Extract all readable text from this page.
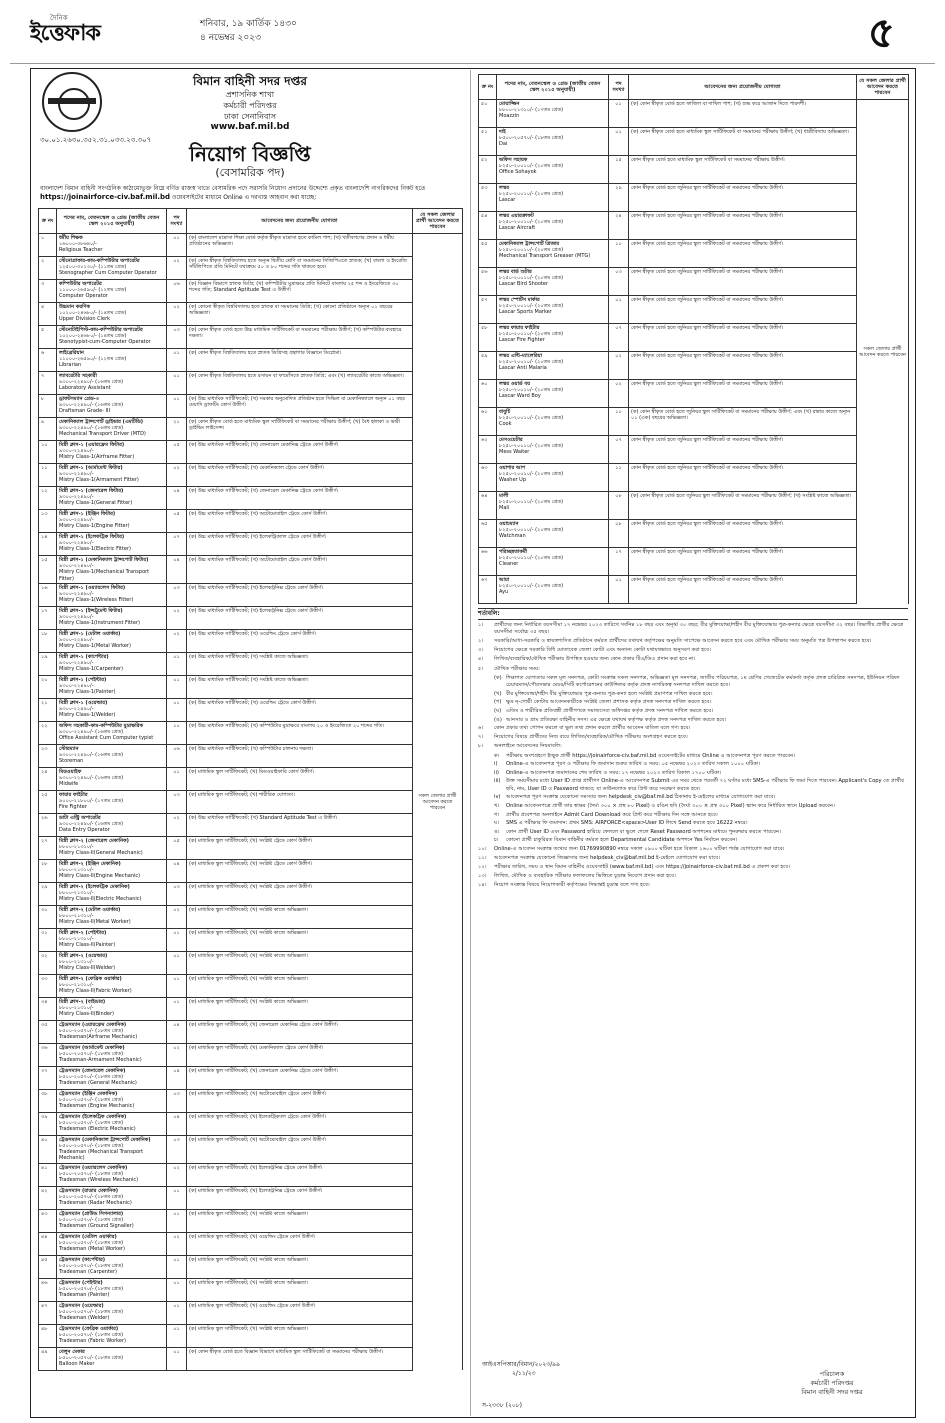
দৈনিক
ইত্তেফাক	শনিবার, ১৯ কার্তিক ১৪৩০
৪ নভেম্বর ২০২৩	৫
বিমান বাহিনী সদর দপ্তর
প্রশাসনিক শাখা
কর্মচারী পরিদপ্তর
ঢাকা সেনানিবাস
www.baf.mil.bd
৩০.০১.২৬৩০.৩৫২.৩১.০৩৩.২৩.৩০৭
নিয়োগ বিজ্ঞপ্তি
(বেসামরিক পদ)
বাংলাদেশ বিমান বাহিনী সংগঠনিক কাঠামোভুক্ত নিম্নে বর্ণিত রাজস্ব খাতে বেসামরিক পদে সরাসরি নিয়োগ প্রদানের উদ্দেশ্যে প্রকৃত বাংলাদেশি নাগরিকদের নিকট হতে https://joinairforce-civ.baf.mil.bd ওয়েবসাইটের মাধ্যমে Online এ দরখাস্ত আহবান করা যাচ্ছে:
ক্র নং	পদের নাম, বেতনস্কেল ও গ্রেড (জাতীয় বেতন স্কেল ২০১৫ অনুযায়ী)	পদ সংখ্যা	আবেদনের জন্য প্রয়োজনীয় যোগ্যতা	যে সকল জেলার প্রার্থী আবেদন করতে পারবেন
১	ধর্মীয় শিক্ষক
১৬০০০-৩৮৬৪০/-
Religious Teacher	০১	(ক) বাংলাদেশ মাদ্রাসা শিক্ষা বোর্ড কর্তৃক স্বীকৃত মাদ্রাসা হতে কামিল পাশ; (খ) খতীবগণের প্রদান ও ধর্মীয় প্রতিষ্ঠানের অভিজ্ঞতা।	সকল জেলার প্রার্থী আবেদন করতে পারবেন
২	স্টেনোগ্রাফার-কাম-কম্পিউটার অপারেটর
১২৫০০-৩০২৩০/- (১১তম গ্রেড)
Stenographer Cum Computer Operator	০২	(ক) কোন স্বীকৃত বিশ্ববিদ্যালয় হতে অন্যূন দ্বিতীয় শ্রেণি বা সমমানের সিজিপিএতে স্নাতক; (খ) বাংলা ও ইংরেজি সাঁটলিপিতে প্রতি মিনিটে যথাক্রমে ৫০ ও ৮০ শব্দের গতি থাকতে হবে।	
৩	কম্পিউটার অপারেটর
১১০০০-২৬৫৯০/- (১২তম গ্রেড)
Computer Operator	০৬	(ক) বিজ্ঞান বিভাগে স্নাতক ডিগ্রি; (খ) কম্পিউটার মুদ্রাক্ষরে প্রতি মিনিটে বাংলায় ২৫ শব্দ ও ইংরেজিতে ৩০ শব্দের গতি; Standard Aptitude Test এ উত্তীর্ণ।	
৪	উচ্চমান করণিক
১০২০০-২৪৬৮০/- (১৪তম গ্রেড)
Upper Division Clerk	০২	(ক) কোনো স্বীকৃত বিশ্ববিদ্যালয় হতে স্নাতক বা সমমানের ডিগ্রি; (খ) কোনো প্রতিষ্ঠানে অন্যূন ০১ বছরের অভিজ্ঞতা।	
৫	স্টেনোটাইপিস্ট-কাম-কম্পিউটার অপারেটর
১০২০০-২৪৬৮০/- (১৪তম গ্রেড)
Stenotypist-cum-Computer Operator	০৩	(ক) কোন স্বীকৃত বোর্ড হতে উচ্চ মাধ্যমিক সার্টিফিকেট বা সমমানের পরীক্ষায় উত্তীর্ণ; (খ) কম্পিউটার ব্যবহারে দক্ষতা।	
৬	লাইব্রেরিয়ান
১১০০০-২৬৫৯০/- (১২তম গ্রেড)
Librarian	০১	(ক) কোন স্বীকৃত বিশ্ববিদ্যালয় হতে স্নাতক ডিগ্রিসহ গ্রন্থাগার বিজ্ঞানে ডিপ্লোমা।	
৭	ল্যাবরেটরি সহকারী
৯৩০০-২২৪৯০/- (১৬তম গ্রেড)
Laboratory Assistant	০১	(ক) কোন স্বীকৃত বিশ্ববিদ্যালয় হতে রসায়ন বা ফার্মেসিতে স্নাতক ডিগ্রি; এবং (খ) ল্যাবরেটরি কাজে অভিজ্ঞতা।	
৮	ড্রাফটসম্যান গ্রেড-৩
৯৩০০-২২৪৯০/- (১৬তম গ্রেড)
Draftsman Grade- III	০১	(ক) উচ্চ মাধ্যমিক সার্টিফিকেট; (খ) সরকার অনুমোদিত প্রতিষ্ঠান হতে সিভিল বা মেকানিক্যালে অন্যূন ০১ বছর মেয়াদি ড্রাফটিং কোর্স উত্তীর্ণ।	
৯	মেকানিক্যাল ট্রান্সপোর্ট ড্রাইভার (এমটিডি)
৯৩০০-২২৪৯০/- (১৬তম গ্রেড)
Mechanical Transport Driver (MTD)	২১	(ক) কোন স্বীকৃত বোর্ড হতে মাধ্যমিক স্কুল সার্টিফিকেট বা সমমানের পরীক্ষায় উত্তীর্ণ; (খ) বৈধ হালকা ও ভারী ড্রাইভিং লাইসেন্স।	
১০	মিস্ত্রী ক্লাস-১ (এয়ারফ্রেম ফিটার)
৯৩০০-২২৪৯০/-
Mistry Class-1(Airframe Fitter)	০৫	(ক) উচ্চ মাধ্যমিক সার্টিফিকেট; (খ) জেনারেল মেকানিক্স ট্রেডে কোর্স উত্তীর্ণ।	
১১	মিস্ত্রী ক্লাস-১ (আর্মামেন্ট ফিটার)
৯৩০০-২২৪৯০/-
Mistry Class-1(Armament Fitter)	০২	(ক) উচ্চ মাধ্যমিক সার্টিফিকেট; (খ) মেকানিক্যাল ট্রেডে কোর্স উত্তীর্ণ।	
১২	মিস্ত্রী ক্লাস-১ (জেনারেল ফিটার)
৯৩০০-২২৪৯০/-
Mistry Class-1(General Fitter)	০৪	(ক) উচ্চ মাধ্যমিক সার্টিফিকেট; (খ) জেনারেল মেকানিক্স ট্রেডে কোর্স উত্তীর্ণ।	
১৩	মিস্ত্রী ক্লাস-১ (ইঞ্জিন ফিটার)
৯৩০০-২২৪৯০/-
Mistry Class-1(Engine Fitter)	০৫	(ক) উচ্চ মাধ্যমিক সার্টিফিকেট; (খ) অটোমোবাইল ট্রেডে কোর্স উত্তীর্ণ।	
১৪	মিস্ত্রী ক্লাস-১ (ইলেকট্রিক ফিটার)
৯৩০০-২২৪৯০/-
Mistry Class-1(Electric Fitter)	০৭	(ক) উচ্চ মাধ্যমিক সার্টিফিকেট; (খ) ইলেকট্রিক্যাল ট্রেডে কোর্স উত্তীর্ণ।	
১৫	মিস্ত্রী ক্লাস-১ (মেকানিক্যাল ট্রান্সপোর্ট ফিটার)
৯৩০০-২২৪৯০/-
Mistry Class-1(Mechanical Transport Fitter)	০৪	(ক) উচ্চ মাধ্যমিক সার্টিফিকেট; (খ) অটোমোবাইল ট্রেডে কোর্স উত্তীর্ণ।	
১৬	মিস্ত্রী ক্লাস-১ (ওয়্যারলেস ফিটার)
৯৩০০-২২৪৯০/-
Mistry Class-1(Wireless Fitter)	০৩	(ক) উচ্চ মাধ্যমিক সার্টিফিকেট; (খ) ইলেকট্রনিক্স ট্রেডে কোর্স উত্তীর্ণ।	
১৭	মিস্ত্রী ক্লাস-১ (ইন্সট্রুমেন্ট ফিটার)
৯৩০০-২২৪৯০/-
Mistry Class-1(Instrument Fitter)	০২	(ক) উচ্চ মাধ্যমিক সার্টিফিকেট; (খ) ইলেকট্রনিক্স ট্রেডে কোর্স উত্তীর্ণ।	
১৮	মিস্ত্রী ক্লাস-১ (মেটাল ওয়ার্কার)
৯৩০০-২২৪৯০/-
Mistry Class-1(Metal Worker)	০২	(ক) উচ্চ মাধ্যমিক সার্টিফিকেট; (খ) ওয়েল্ডিং ট্রেডে কোর্স উত্তীর্ণ।	
১৯	মিস্ত্রী ক্লাস-১ (কার্পেন্টার)
৯৩০০-২২৪৯০/-
Mistry Class-1(Carpenter)	০১	(ক) উচ্চ মাধ্যমিক সার্টিফিকেট; (খ) সংশ্লিষ্ট কাজে অভিজ্ঞতা।	
২০	মিস্ত্রী ক্লাস-১ (পেইন্টার)
৯৩০০-২২৪৯০/-
Mistry Class-1(Painter)	০১	(ক) উচ্চ মাধ্যমিক সার্টিফিকেট; (খ) সংশ্লিষ্ট কাজে অভিজ্ঞতা।	
২১	মিস্ত্রী ক্লাস-১ (ওয়েল্ডার)
৯৩০০-২২৪৯০/-
Mistry Class-1(Welder)	০১	(ক) উচ্চ মাধ্যমিক সার্টিফিকেট; (খ) ওয়েল্ডিং ট্রেডে কোর্স উত্তীর্ণ।	
২২	অফিস সহকারী-কাম-কম্পিউটার মুদ্রাক্ষরিক
৯৩০০-২২৪৯০/- (১৬তম গ্রেড)
Office Assistant Cum Computer typist	১০	(ক) উচ্চ মাধ্যমিক সার্টিফিকেট; (খ) কম্পিউটার মুদ্রাক্ষরে বাংলায় ২০ ও ইংরেজিতে ২০ শব্দের গতি।	
২৩	স্টোরম্যান
৯৩০০-২২৪৯০/- (১৬তম গ্রেড)
Storeman	০৬	(ক) উচ্চ মাধ্যমিক সার্টিফিকেট; (খ) কম্পিউটার চালনায় দক্ষতা।	
২৪	মিডওয়াইফ
৯৩০০-২২৪৯০/- (১৬তম গ্রেড)
Midwife	০১	(ক) মাধ্যমিক স্কুল সার্টিফিকেট; (খ) মিডওয়াইফারি কোর্স উত্তীর্ণ।	
২৫	ফায়ার ফাইটার
৯০০০-২১৮০০/- (১৭তম গ্রেড)
Fire Fighter	০৩	(ক) মাধ্যমিক স্কুল সার্টিফিকেট; (খ) শারীরিক যোগ্যতা।	
২৬	ডাটা এন্ট্রি অপারেটর
৯৩০০-২২৪৯০/- (১৬তম গ্রেড)
Data Entry Operator	০২	(ক) উচ্চ মাধ্যমিক সার্টিফিকেট; (খ) Standard Aptitude Test এ উত্তীর্ণ।	
২৭	মিস্ত্রী ক্লাস-২ (জেনারেল মেকানিক)
৮৮০০-২১৩১০/-
Mistry Class-II(General Mechanic)	০৫	(ক) মাধ্যমিক স্কুল সার্টিফিকেট; (খ) সংশ্লিষ্ট ট্রেডে কোর্স উত্তীর্ণ।	
২৮	মিস্ত্রী ক্লাস-২ (ইঞ্জিন মেকানিক)
৮৮০০-২১৩১০/-
Mistry Class-II(Engine Mechanic)	০৪	(ক) মাধ্যমিক স্কুল সার্টিফিকেট; (খ) সংশ্লিষ্ট ট্রেডে কোর্স উত্তীর্ণ।	
২৯	মিস্ত্রী ক্লাস-২ (ইলেকট্রিক মেকানিক)
৮৮০০-২১৩১০/-
Mistry Class-II(Electric Mechanic)	০৩	(ক) মাধ্যমিক স্কুল সার্টিফিকেট; (খ) সংশ্লিষ্ট ট্রেডে কোর্স উত্তীর্ণ।	
৩০	মিস্ত্রী ক্লাস-২ (মেটাল ওয়ার্কার)
৮৮০০-২১৩১০/-
Mistry Class-II(Metal Worker)	০২	(ক) মাধ্যমিক স্কুল সার্টিফিকেট; (খ) সংশ্লিষ্ট কাজে অভিজ্ঞতা।	
৩১	মিস্ত্রী ক্লাস-২ (পেইন্টার)
৮৮০০-২১৩১০/-
Mistry Class-II(Painter)	০১	(ক) মাধ্যমিক স্কুল সার্টিফিকেট; (খ) সংশ্লিষ্ট কাজে অভিজ্ঞতা।	
৩২	মিস্ত্রী ক্লাস-২ (ওয়েল্ডার)
৮৮০০-২১৩১০/-
Mistry Class-II(Welder)	০১	(ক) মাধ্যমিক স্কুল সার্টিফিকেট; (খ) সংশ্লিষ্ট কাজে অভিজ্ঞতা।	
৩৩	মিস্ত্রী ক্লাস-২ (ফেব্রিক ওয়ার্কার)
৮৮০০-২১৩১০/-
Mistry Class-II(Fabric Worker)	০১	(ক) মাধ্যমিক স্কুল সার্টিফিকেট; (খ) সংশ্লিষ্ট কাজে অভিজ্ঞতা।	
৩৪	মিস্ত্রী ক্লাস-২ (বাইন্ডার)
৮৮০০-২১৩১০/-
Mistry Class-II(Binder)	০১	(ক) মাধ্যমিক স্কুল সার্টিফিকেট; (খ) সংশ্লিষ্ট কাজে অভিজ্ঞতা।	
৩৫	ট্রেডসম্যান (এয়ারফ্রেম মেকানিক)
৮৫০০-২০৫৭০/- (১৮তম গ্রেড)
Tradesman(Airframe Mechanic)	০৪	(ক) মাধ্যমিক স্কুল সার্টিফিকেট; (খ) জেনারেল মেকানিক্স ট্রেডে কোর্স উত্তীর্ণ।	
৩৬	ট্রেডসম্যান (আর্মামেন্ট মেকানিক)
৮৫০০-২০৫৭০/- (১৮তম গ্রেড)
Tradesman-Armament Mechanic)	০২	(ক) মাধ্যমিক স্কুল সার্টিফিকেট; (খ) মেকানিক্যাল ট্রেডে কোর্স উত্তীর্ণ।	
৩৭	ট্রেডসম্যান (জেনারেল মেকানিক)
৮৫০০-২০৫৭০/- (১৮তম গ্রেড)
Tradesman (General Mechanic)	০৪	(ক) মাধ্যমিক স্কুল সার্টিফিকেট; (খ) জেনারেল মেকানিক্স ট্রেডে কোর্স উত্তীর্ণ।	
৩৮	ট্রেডসম্যান (ইঞ্জিন মেকানিক)
৮৫০০-২০৫৭০/- (১৮তম গ্রেড)
Tradesman (Engine Mechanic)	০৩	(ক) মাধ্যমিক স্কুল সার্টিফিকেট; (খ) অটোমোবাইল ট্রেডে কোর্স উত্তীর্ণ।	
৩৯	ট্রেডসম্যান (ইলেকট্রিক মেকানিক)
৮৫০০-২০৫৭০/- (১৮তম গ্রেড)
Tradesman (Electric Mechanic)	০৪	(ক) মাধ্যমিক স্কুল সার্টিফিকেট; (খ) ইলেকট্রিক্যাল ট্রেডে কোর্স উত্তীর্ণ।	
৪০	ট্রেডসম্যান (মেকানিক্যাল ট্রান্সপোর্ট মেকানিক)
৮৫০০-২০৫৭০/- (১৮তম গ্রেড)
Tradesman (Mechanical Transport Mechanic)	০৩	(ক) মাধ্যমিক স্কুল সার্টিফিকেট; (খ) অটোমোবাইল ট্রেডে কোর্স উত্তীর্ণ।	
৪১	ট্রেডসম্যান (ওয়্যারলেস মেকানিক)
৮৫০০-২০৫৭০/- (১৮তম গ্রেড)
Tradesman (Wireless Mechanic)	০২	(ক) মাধ্যমিক স্কুল সার্টিফিকেট; (খ) ইলেকট্রনিক্স ট্রেডে কোর্স উত্তীর্ণ।	
৪২	ট্রেডসম্যান (রাডার মেকানিক)
৮৫০০-২০৫৭০/- (১৮তম গ্রেড)
Tradesman (Radar Mechanic)	০১	(ক) মাধ্যমিক স্কুল সার্টিফিকেট; (খ) ইলেকট্রনিক্স ট্রেডে কোর্স উত্তীর্ণ।	
৪৩	ট্রেডসম্যান (গ্রাউন্ড সিগন্যালার)
৮৫০০-২০৫৭০/- (১৮তম গ্রেড)
Tradesman (Ground Signaller)	০১	(ক) মাধ্যমিক স্কুল সার্টিফিকেট; (খ) সংশ্লিষ্ট কাজে অভিজ্ঞতা।	
৪৪	ট্রেডসম্যান (মেটাল ওয়ার্কার)
৮৫০০-২০৫৭০/- (১৮তম গ্রেড)
Tradesman (Metal Worker)	০২	(ক) মাধ্যমিক স্কুল সার্টিফিকেট; (খ) ওয়েল্ডিং ট্রেডে কোর্স উত্তীর্ণ।	
৪৫	ট্রেডসম্যান (কার্পেন্টার)
৮৫০০-২০৫৭০/- (১৮তম গ্রেড)
Tradesman (Carpenter)	০১	(ক) মাধ্যমিক স্কুল সার্টিফিকেট; (খ) সংশ্লিষ্ট কাজে অভিজ্ঞতা।	
৪৬	ট্রেডসম্যান (পেইন্টার)
৮৫০০-২০৫৭০/- (১৮তম গ্রেড)
Tradesman (Painter)	০১	(ক) মাধ্যমিক স্কুল সার্টিফিকেট; (খ) সংশ্লিষ্ট কাজে অভিজ্ঞতা।	
৪৭	ট্রেডসম্যান (ওয়েল্ডার)
৮৫০০-২০৫৭০/- (১৮তম গ্রেড)
Tradesman (Welder)	০১	(ক) মাধ্যমিক স্কুল সার্টিফিকেট; (খ) ওয়েল্ডিং ট্রেডে কোর্স উত্তীর্ণ।	
৪৮	ট্রেডসম্যান (ফেব্রিক ওয়ার্কার)
৮৫০০-২০৫৭০/- (১৮তম গ্রেড)
Tradesman (Fabric Worker)	০১	(ক) মাধ্যমিক স্কুল সার্টিফিকেট; (খ) সংশ্লিষ্ট কাজে অভিজ্ঞতা।	
৪৯	বেলুন মেকার
৮৫০০-২০৫৭০/- (১৮তম গ্রেড)
Balloon Maker	০১	(ক) কোন স্বীকৃত বোর্ড হতে বিজ্ঞান বিভাগে মাধ্যমিক স্কুল সার্টিফিকেট বা সমমানের পরীক্ষায় উত্তীর্ণ।	
ক্র নং	পদের নাম, বেতনস্কেল ও গ্রেড (জাতীয় বেতন স্কেল ২০১৫ অনুযায়ী)	পদ সংখ্যা	আবেদনের জন্য প্রয়োজনীয় যোগ্যতা	যে সকল জেলার প্রার্থী আবেদন করতে পারবেন
৫০	মোয়াজ্জিন
৮৮০০-২১৩১০/- (১৭তম গ্রেড)
Moazzin	০১	(ক) কোন স্বীকৃত বোর্ড হতে ফাজিল বা দাখিল পাশ; (খ) শুদ্ধ করে আজান দিতে পারদর্শী।	সকল জেলার প্রার্থী আবেদন করতে পারবেন
৫১	দাই
৮৫০০-২০৫৭০/- (১৮তম গ্রেড)
Dai	০১	(ক) কোন স্বীকৃত বোর্ড হতে মাধ্যমিক স্কুল সার্টিফিকেট বা সমমানের পরীক্ষায় উত্তীর্ণ; (খ) ধাত্রীবিদ্যায় অভিজ্ঞতা।	
৫২	অফিস সহায়ক
৮২৫০-২০০১০/- (২০তম গ্রেড)
Office Sohayok	১৫	কোন স্বীকৃত বোর্ড হতে মাধ্যমিক স্কুল সার্টিফিকেট বা সমমানের পরীক্ষায় উত্তীর্ণ।	
৫৩	লস্কর
৮২৫০-২০০১০/- (২০তম গ্রেড)
Lascar	২৯	কোন স্বীকৃত বোর্ড হতে জুনিয়র স্কুল সার্টিফিকেট বা সমমানের পরীক্ষায় উত্তীর্ণ।	
৫৪	লস্কর এয়ারক্রাফট
৮২৫০-২০০১০/- (২০তম গ্রেড)
Lascar Aircraft	২৪	কোন স্বীকৃত বোর্ড হতে জুনিয়র স্কুল সার্টিফিকেট বা সমমানের পরীক্ষায় উত্তীর্ণ।	
৫৫	মেকানিক্যাল ট্রান্সপোর্ট গ্রিজার
৮২৫০-২০০১০/- (২০তম গ্রেড)
Mechanical Transport Greaser (MTG)	১০	কোন স্বীকৃত বোর্ড হতে জুনিয়র স্কুল সার্টিফিকেট বা সমমানের পরীক্ষায় উত্তীর্ণ।	
৫৬	লস্কর বার্ড শুটার
৮২৫০-২০০১০/- (২০তম গ্রেড)
Lascar Bird Shooter	০৩	কোন স্বীকৃত বোর্ড হতে জুনিয়র স্কুল সার্টিফিকেট বা সমমানের পরীক্ষায় উত্তীর্ণ।	
৫৭	লস্কর স্পোর্টস মার্কার
৮২৫০-২০০১০/- (২০তম গ্রেড)
Lascar Sports Marker	০১	কোন স্বীকৃত বোর্ড হতে জুনিয়র স্কুল সার্টিফিকেট বা সমমানের পরীক্ষায় উত্তীর্ণ।	
৫৮	লস্কর ফায়ার ফাইটার
৮২৫০-২০০১০/- (২০তম গ্রেড)
Lascar Fire Fighter	০৭	কোন স্বীকৃত বোর্ড হতে জুনিয়র স্কুল সার্টিফিকেট বা সমমানের পরীক্ষায় উত্তীর্ণ।	
৫৯	লস্কর এন্টি-ম্যালেরিয়া
৮২৫০-২০০১০/- (২০তম গ্রেড)
Lascar Anti Malaria	০২	কোন স্বীকৃত বোর্ড হতে জুনিয়র স্কুল সার্টিফিকেট বা সমমানের পরীক্ষায় উত্তীর্ণ।	
৬০	লস্কর ওয়ার্ড বয়
৮২৫০-২০০১০/- (২০তম গ্রেড)
Lascar Ward Boy	০২	কোন স্বীকৃত বোর্ড হতে জুনিয়র স্কুল সার্টিফিকেট বা সমমানের পরীক্ষায় উত্তীর্ণ।	
৬১	বাবুর্চি
৮২৫০-২০০১০/- (২০তম গ্রেড)
Cook	১০	(ক) কোন স্বীকৃত বোর্ড হতে জুনিয়র স্কুল সার্টিফিকেট বা সমমানের পরীক্ষায় উত্তীর্ণ; এবং (খ) রান্নার কাজে অন্যূন ০১ (এক) বছরের অভিজ্ঞতা।	
৬২	মেসওয়েটার
৮২৫০-২০০১০/- (২০তম গ্রেড)
Mess Waiter	০৭	কোন স্বীকৃত বোর্ড হতে জুনিয়র স্কুল সার্টিফিকেট বা সমমানের পরীক্ষায় উত্তীর্ণ।	
৬৩	ওয়াশার আপ
৮২৫০-২০০১০/- (২০তম গ্রেড)
Washer Up	১১	কোন স্বীকৃত বোর্ড হতে জুনিয়র স্কুল সার্টিফিকেট বা সমমানের পরীক্ষায় উত্তীর্ণ।	
৬৪	মালী
৮২৫০-২০০১০/- (২০তম গ্রেড)
Mali	০৮	(ক) কোন স্বীকৃত বোর্ড হতে জুনিয়র স্কুল সার্টিফিকেট বা সমমানের পরীক্ষায় উত্তীর্ণ; (খ) সংশ্লিষ্ট কাজে অভিজ্ঞতা।	
৬৫	ওয়াচম্যান
৮২৫০-২০০১০/- (২০তম গ্রেড)
Watchman	০৮	কোন স্বীকৃত বোর্ড হতে জুনিয়র স্কুল সার্টিফিকেট বা সমমানের পরীক্ষায় উত্তীর্ণ।	
৬৬	পরিচ্ছন্নতাকর্মী
৮২৫০-২০০১০/- (২০তম গ্রেড)
Cleaner	১৭	কোন স্বীকৃত বোর্ড হতে জুনিয়র স্কুল সার্টিফিকেট বা সমমানের পরীক্ষায় উত্তীর্ণ।	
৬৭	আয়া
৮২৫০-২০০১০/- (২০তম গ্রেড)
Ayu	০১	কোন স্বীকৃত বোর্ড হতে জুনিয়র স্কুল সার্টিফিকেট বা সমমানের পরীক্ষায় উত্তীর্ণ।	
শর্তাবলি:
১।	প্রার্থীদের জন্য নির্ধারিত বয়সসীমা ১৭ নভেম্বর ২০২৩ তারিখে সর্বনিম্ন ১৮ বছর এবং অনূর্ধ্ব ৩০ বছর; বীর মুক্তিযোদ্ধা/শহীদ বীর মুক্তিযোদ্ধার পুত্র-কন্যার ক্ষেত্রে বয়সসীমা ৩২ বছর। বিভাগীয় প্রার্থীর ক্ষেত্রে বয়সসীমা সর্বোচ্চ ৩৫ বছর।
২।	সরকারি/আধা-সরকারি ও স্বায়ত্তশাসিত প্রতিষ্ঠানে কর্মরত প্রার্থীদের যথাযথ কর্তৃপক্ষের অনুমতি সাপেক্ষে আবেদন করতে হবে এবং মৌখিক পরীক্ষার সময় অনুমতি পত্র উপস্থাপন করতে হবে।
৩।	নিয়োগের ক্ষেত্রে সরকারি বিধি মোতাবেক জেলা কোটা এবং অন্যান্য কোটা যথাযথভাবে অনুসরণ করা হবে।
৪।	লিখিত/ব্যবহারিক/মৌখিক পরীক্ষায় উপস্থিত হওয়ার জন্য কোন প্রকার টিএ/ডিএ প্রদান করা হবে না।
৫।	মৌখিক পরীক্ষার সময়:
(ক) শিক্ষাগত যোগ্যতার সকল মূল সনদপত্র, কোটা সংক্রান্ত সকল সনদপত্র, অভিজ্ঞতা মূল সনদপত্র, জাতীয় পরিচয়পত্র, ১ম শ্রেণির গেজেটেড কর্মকর্তা কর্তৃক প্রদত্ত চারিত্রিক সনদপত্র, ইউনিয়ন পরিষদ চেয়ারম্যান/পৌরসভার মেয়র/সিটি কর্পোরেশনের কাউন্সিলর কর্তৃক প্রদত্ত নাগরিকত্ব সনদপত্র দাখিল করতে হবে।
(খ) বীর মুক্তিযোদ্ধা/শহীদ বীর মুক্তিযোদ্ধার পুত্র-কন্যার পুত্র-কন্যা হলে সংশ্লিষ্ট প্রমাণপত্র দাখিল করতে হবে।
(গ) ক্ষুদ্র নৃ-গোষ্ঠী কোটায় আবেদনকারীকে সংশ্লিষ্ট জেলা প্রশাসক কর্তৃক প্রদত্ত সনদপত্র দাখিল করতে হবে।
(ঘ) এতিম ও শারীরিক প্রতিবন্ধী প্রার্থীগণকে সমাজসেবা অধিদপ্তর কর্তৃক প্রদত্ত সনদপত্র দাখিল করতে হবে।
(ঙ) আনসার ও গ্রাম প্রতিরক্ষা বাহিনীর সদস্য এর ক্ষেত্রে যথাযথ কর্তৃপক্ষ কর্তৃক প্রদত্ত সনদপত্র দাখিল করতে হবে।
৬।	কোন প্রকার তথ্য গোপন করলে বা ভুল তথ্য প্রদান করলে প্রার্থীর আবেদন বাতিল বলে গণ্য হবে।
৭।	নিয়োগের বিষয়ে প্রার্থীদের নিজ ব্যয়ে লিখিত/ব্যবহারিক/মৌখিক পরীক্ষায় অংশগ্রহণ করতে হবে।
৮।	অনলাইনে আবেদনের নিয়মাবলি:
ক।	পরীক্ষায় অংশগ্রহণে ইচ্ছুক প্রার্থী https://joinairforce-civ.baf.mil.bd ওয়েবসাইটের মাধ্যমে Online এ আবেদনপত্র পূরণ করতে পারবেন।
i)	Online-এ আবেদনপত্র পূরণ ও পরীক্ষার ফি জমাদান শুরুর তারিখ ও সময়: ০৫ নভেম্বর ২০২৩ তারিখ সকাল ১০০০ ঘটিকা।
ii)	Online-এ আবেদনপত্র জমাদানের শেষ তারিখ ও সময়: ১৭ নভেম্বর ২০২৩ তারিখ বিকাল ১৭০০ ঘটিকা।
iii)	উক্ত সময়সীমার মধ্যে User ID প্রাপ্ত প্রার্থীগণ Online-এ আবেদনপত্র Submit এর সময় থেকে পরবর্তী ৭২ ঘণ্টার মধ্যে SMS-এ পরীক্ষার ফি জমা দিতে পারবেন। Applicant's Copy তে প্রার্থীর ছবি, নাম, User ID ও Password থাকবে; যা ডাউনলোড করে প্রিন্ট করে সংরক্ষণ করতে হবে।
iv)	আবেদনপত্র পূরণ সংক্রান্ত যেকোনো সমস্যার জন্য helpdesk_civ@baf.mil.bd ঠিকানায় ই-মেইলের মাধ্যমে যোগাযোগ করা যাবে।
খ।	Online আবেদনপত্রে প্রার্থী তার স্বাক্ষর (দৈর্ঘ্য ৩০০ × প্রস্থ ৮০ Pixel) ও রঙিন ছবি (দৈর্ঘ্য ৩০০ × প্রস্থ ৩০০ Pixel) স্ক্যান করে নির্ধারিত স্থানে Upload করবেন।
গ।	প্রার্থীর প্রবেশপত্র অনলাইনে Admit Card Download করে প্রিন্ট করে পরীক্ষার দিন সঙ্গে আনতে হবে।
ঘ।	SMS এ পরীক্ষার ফি জমাদান: প্রথম SMS: AIRFORCE<space>User ID লিখে Send করতে হবে 16222 নম্বরে।
ঙ।	কোন প্রার্থী User ID এবং Password হারিয়ে ফেললে বা ভুলে গেলে Reset Password অপশনের মাধ্যমে পুনরুদ্ধার করতে পারবেন।
চ।	কোনো প্রার্থী চাকুরিরত বিমান বাহিনীর কর্মরত হলে Departmental Candidate অপশনে Yes নির্বাচন করবেন।
১০।	Online-এ আবেদন সংক্রান্ত তথ্যের জন্য 01769990890 নম্বরে সকাল ০৯০০ ঘটিকা হতে বিকাল ১৬০০ ঘটিকা পর্যন্ত যোগাযোগ করা যাবে।
১১।	আবেদনপত্র সংক্রান্ত যেকোনো জিজ্ঞাসার জন্য helpdesk_civ@baf.mil.bd ই-মেইলে যোগাযোগ করা যাবে।
১২।	পরীক্ষার তারিখ, সময় ও স্থান বিমান বাহিনীর ওয়েবসাইট (www.baf.mil.bd) এবং https://joinairforce-civ.baf.mil.bd এ প্রকাশ করা হবে।
১৩।	লিখিত, মৌখিক ও ব্যবহারিক পরীক্ষার ফলাফলের ভিত্তিতে চূড়ান্ত নিয়োগ প্রদান করা হবে।
১৪।	নিয়োগ সংক্রান্ত বিষয়ে নিয়োগকারী কর্তৃপক্ষের সিদ্ধান্তই চূড়ান্ত বলে গণ্য হবে।
আইএসপিআর/বিমান/২০২৩/৯৯
২/১১/২৩
স-২৩৩৮ (২০৮)
পরিচালক
কর্মচারী পরিদপ্তর
বিমান বাহিনী সদর দপ্তর
